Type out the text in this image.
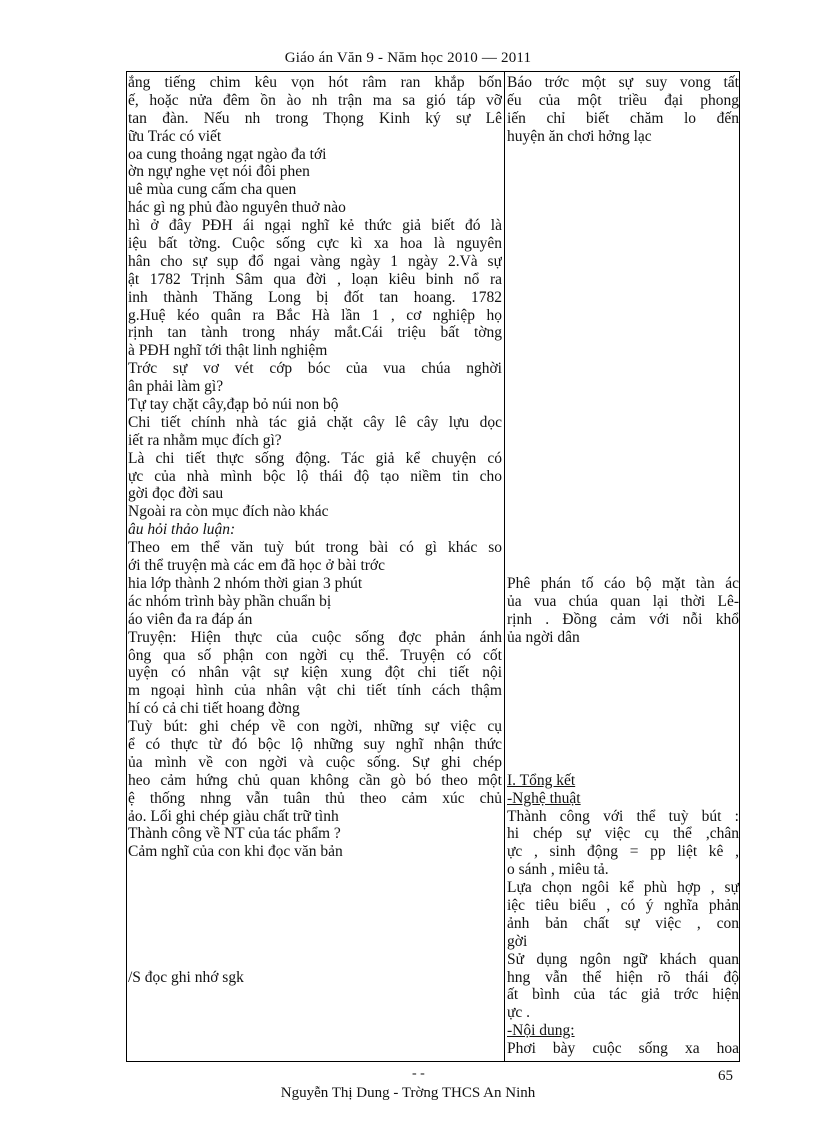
Giáo án Văn 9 - Năm học 2010 — 2011
ắng tiếng chim kêu vọn hót râm ran khắp bốn
ế, hoặc nửa đêm ồn ào nh trận ma sa gió táp vỡ
tan đàn. Nếu nh trong Thọng Kinh ký sự Lê
ữu Trác có viết
oa cung thoảng ngạt ngào đa tới
ờn ngự nghe vẹt nói đôi phen
uê mùa cung cấm cha quen
hác gì ng phủ đào nguyên thuở nào
hì ở đây PĐH ái ngại nghĩ kẻ thức giả biết đó là
iệu bất tờng. Cuộc sống cực kì xa hoa là nguyên
hân cho sự sụp đổ ngai vàng ngày 1 ngày 2.Và sự
ật 1782 Trịnh Sâm qua đời , loạn kiêu binh nổ ra
inh thành Thăng Long bị đốt tan hoang. 1782
g.Huệ kéo quân ra Bắc Hà lần 1 , cơ nghiệp họ
rịnh tan tành trong nháy mắt.Cái triệu bất tờng
à PĐH nghĩ tới thật linh nghiệm
Trớc sự vơ vét cớp bóc của vua chúa nghời
ân phải làm gì?
Tự tay chặt cây,đạp bỏ núi non bộ
Chi tiết chính nhà tác giả chặt cây lê cây lựu dọc
iết ra nhằm mục đích gì?
Là chi tiết thực sống động. Tác giả kể chuyện có
ực của nhà mình bộc lộ thái độ tạo niềm tin cho
gời đọc đời sau
Ngoài ra còn mục đích nào khác
âu hỏi thảo luận:
Theo em thể văn tuỳ bút trong bài có gì khác so
ới thể truyện mà các em đã học ở bài trớc
hia lớp thành 2 nhóm thời gian 3 phút
ác nhóm trình bày phần chuẩn bị
áo viên đa ra đáp án
Truyện: Hiện thực của cuộc sống đợc phản ánh
ông qua số phận con ngời cụ thể. Truyện có cốt
uyện có nhân vật sự kiện xung đột chi tiết nội
m ngoại hình của nhân vật chi tiết tính cách thậm
hí có cả chi tiết hoang đờng
Tuỳ bút: ghi chép về con ngời, những sự việc cụ
ể có thực từ đó bộc lộ những suy nghĩ nhận thức
ủa mình về con ngời và cuộc sống. Sự ghi chép
heo cảm hứng chủ quan không cần gò bó theo một
ệ thống nhng vẫn tuân thủ theo cảm xúc chủ
ảo. Lối ghi chép giàu chất trữ tình
Thành công về NT của tác phẩm ?
Cảm nghĩ của con khi đọc văn bản
/S đọc ghi nhớ sgk
Báo trớc một sự suy vong tất
ếu của một triều đại phong
iến chỉ biết chăm lo đến
huyện ăn chơi hởng lạc
Phê phán tố cáo bộ mặt tàn ác
ủa vua chúa quan lại thời Lê-
rịnh . Đồng cảm với nỗi khổ
ủa ngời dân
I. Tổng kết
-Nghệ thuật
Thành công với thể tuỳ bút :
hi chép sự việc cụ thể ,chân
ực , sinh động = pp liệt kê ,
o sánh , miêu tả.
Lựa chọn ngôi kể phù hợp , sự
iệc tiêu biểu , có ý nghĩa phản
ảnh bản chất sự việc , con
gời
Sử dụng ngôn ngữ khách quan
hng vẫn thể hiện rõ thái độ
ất bình của tác giả trớc hiện
ực .
-Nội dung:
Phơi bày cuộc sống xa hoa
- -	65
Nguyễn Thị Dung - Trờng THCS An Ninh
